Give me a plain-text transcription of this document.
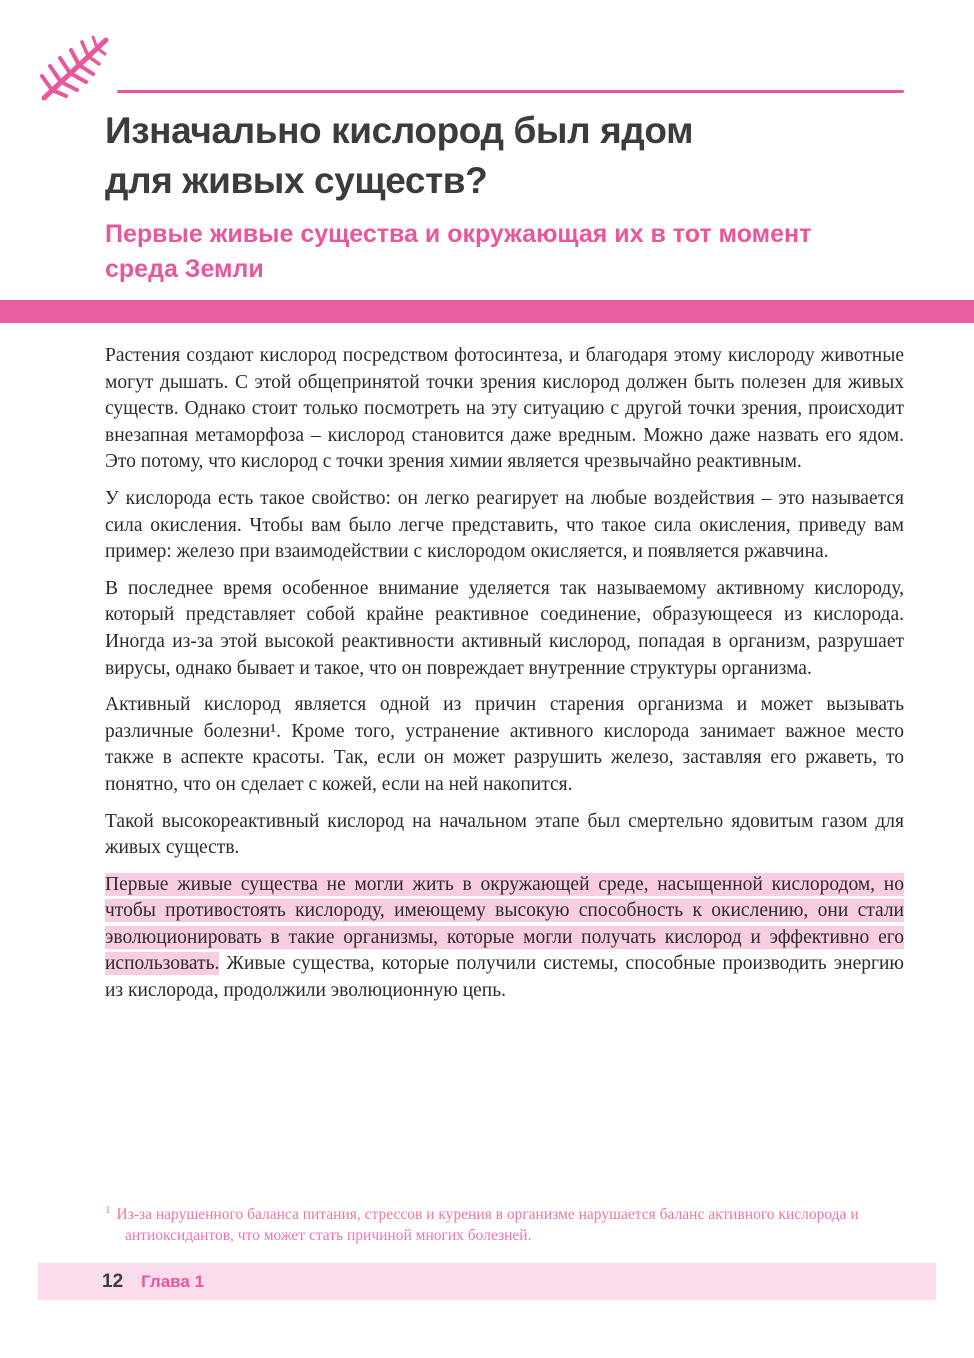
Изначально кислород был ядом
для живых существ?
Первые живые существа и окружающая их в тот момент
среда Земли

Растения создают кислород посредством фотосинтеза, и благодаря этому кислороду животные могут дышать. С этой общепринятой точки зрения кислород должен быть полезен для живых существ. Однако стоит только посмотреть на эту ситуацию с другой точки зрения, происходит внезапная метаморфоза – кислород становится даже вредным. Можно даже назвать его ядом. Это потому, что кислород с точки зрения химии является чрезвычайно реактивным.

У кислорода есть такое свойство: он легко реагирует на любые воздействия – это называется сила окисления. Чтобы вам было легче представить, что такое сила окисления, приведу вам пример: железо при взаимодействии с кислородом окисляется, и появляется ржавчина.

В последнее время особенное внимание уделяется так называемому активному кислороду, который представляет собой крайне реактивное соединение, образующееся из кислорода. Иногда из-за этой высокой реактивности активный кислород, попадая в организм, разрушает вирусы, однако бывает и такое, что он повреждает внутренние структуры организма.

Активный кислород является одной из причин старения организма и может вызывать различные болезни¹. Кроме того, устранение активного кислорода занимает важное место также в аспекте красоты. Так, если он может разрушить железо, заставляя его ржаветь, то понятно, что он сделает с кожей, если на ней накопится.

Такой высокореактивный кислород на начальном этапе был смертельно ядовитым газом для живых существ.

Первые живые существа не могли жить в окружающей среде, насыщенной кислородом, но чтобы противостоять кислороду, имеющему высокую способность к окислению, они стали эволюционировать в такие организмы, которые могли получать кислород и эффективно его использовать. Живые существа, которые получили системы, способные производить энергию из кислорода, продолжили эволюционную цепь.

$^1$ Из-за нарушенного баланса питания, стрессов и курения в организме нарушается баланс активного кислорода и антиоксидантов, что может стать причиной многих болезней.
12 Глава 1
